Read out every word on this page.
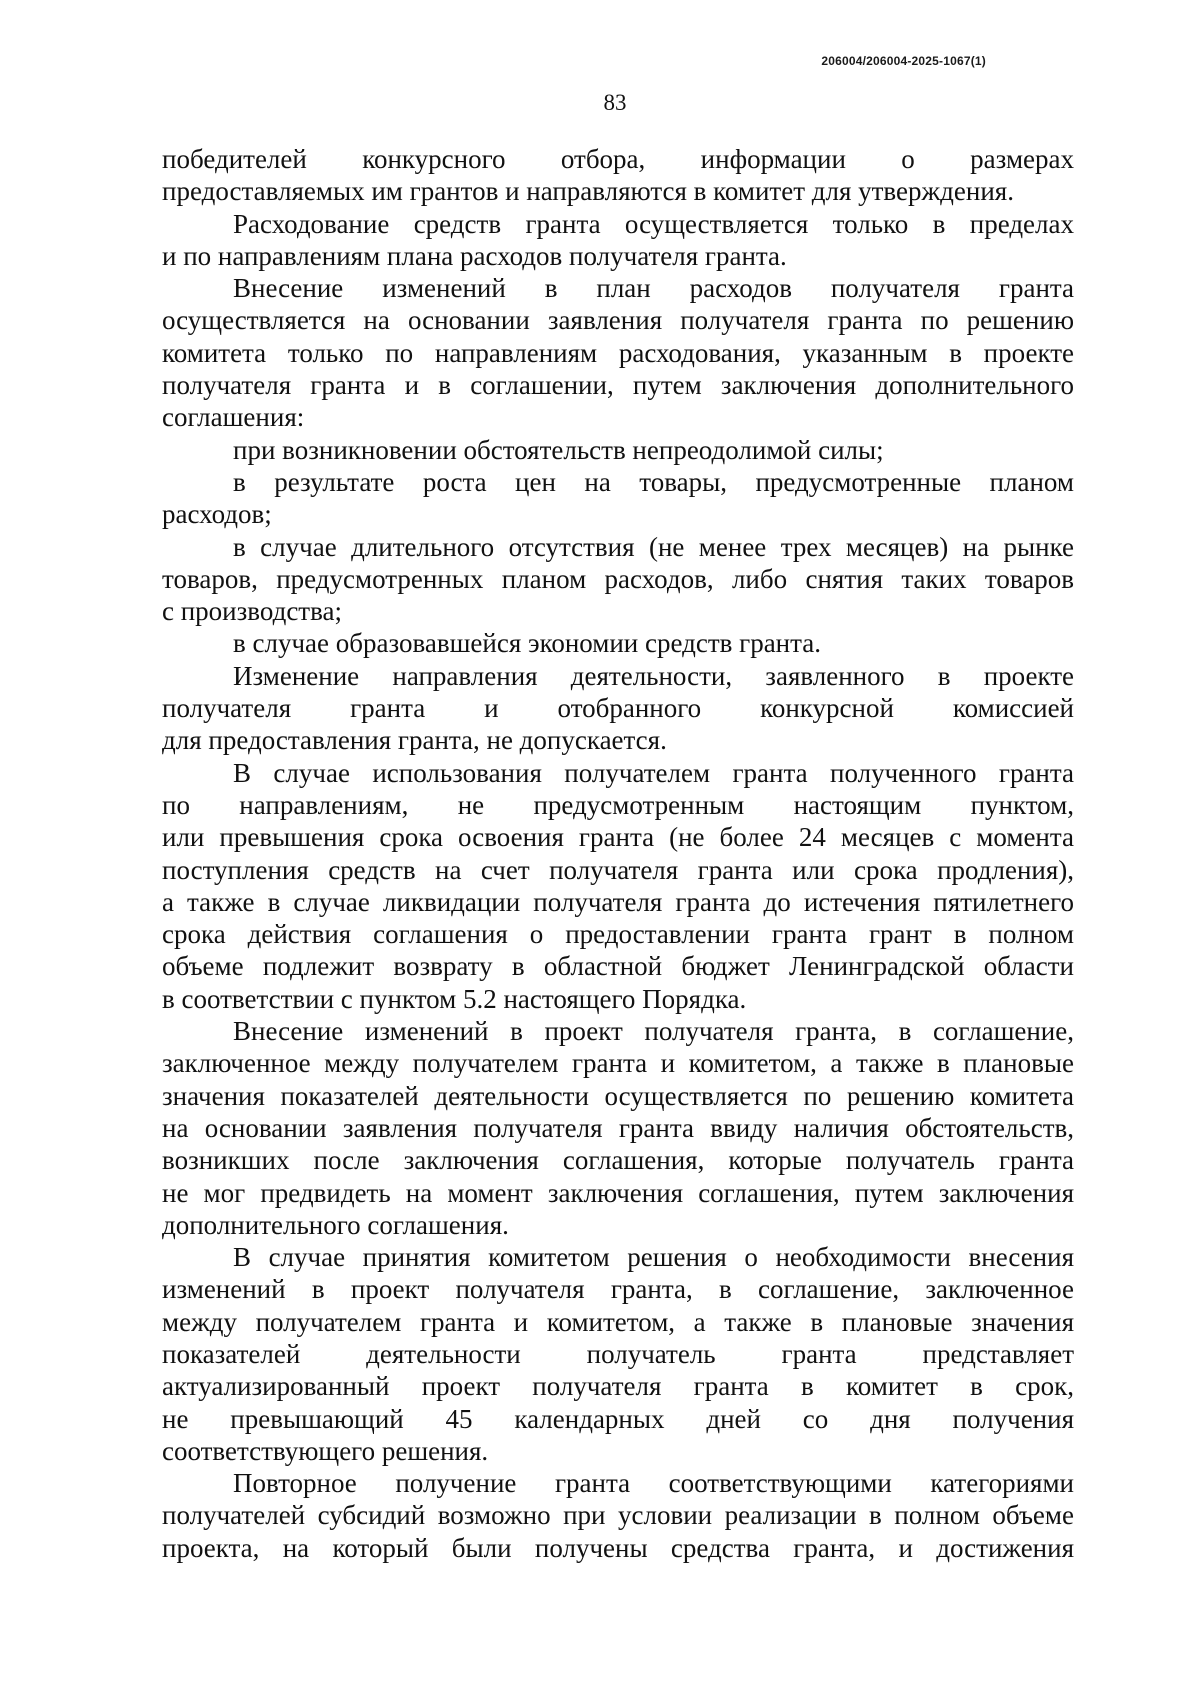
206004/206004-2025-1067(1)
83
победителей конкурсного отбора, информации о размерах
предоставляемых им грантов и направляются в комитет для утверждения.
Расходование средств гранта осуществляется только в пределах
и по направлениям плана расходов получателя гранта.
Внесение изменений в план расходов получателя гранта
осуществляется на основании заявления получателя гранта по решению
комитета только по направлениям расходования, указанным в проекте
получателя гранта и в соглашении, путем заключения дополнительного
соглашения:
при возникновении обстоятельств непреодолимой силы;
в результате роста цен на товары, предусмотренные планом
расходов;
в случае длительного отсутствия (не менее трех месяцев) на рынке
товаров, предусмотренных планом расходов, либо снятия таких товаров
с производства;
в случае образовавшейся экономии средств гранта.
Изменение направления деятельности, заявленного в проекте
получателя гранта и отобранного конкурсной комиссией
для предоставления гранта, не допускается.
В случае использования получателем гранта полученного гранта
по направлениям, не предусмотренным настоящим пунктом,
или превышения срока освоения гранта (не более 24 месяцев с момента
поступления средств на счет получателя гранта или срока продления),
а также в случае ликвидации получателя гранта до истечения пятилетнего
срока действия соглашения о предоставлении гранта грант в полном
объеме подлежит возврату в областной бюджет Ленинградской области
в соответствии с пунктом 5.2 настоящего Порядка.
Внесение изменений в проект получателя гранта, в соглашение,
заключенное между получателем гранта и комитетом, а также в плановые
значения показателей деятельности осуществляется по решению комитета
на основании заявления получателя гранта ввиду наличия обстоятельств,
возникших после заключения соглашения, которые получатель гранта
не мог предвидеть на момент заключения соглашения, путем заключения
дополнительного соглашения.
В случае принятия комитетом решения о необходимости внесения
изменений в проект получателя гранта, в соглашение, заключенное
между получателем гранта и комитетом, а также в плановые значения
показателей деятельности получатель гранта представляет
актуализированный проект получателя гранта в комитет в срок,
не превышающий 45 календарных дней со дня получения
соответствующего решения.
Повторное получение гранта соответствующими категориями
получателей субсидий возможно при условии реализации в полном объеме
проекта, на который были получены средства гранта, и достижения
